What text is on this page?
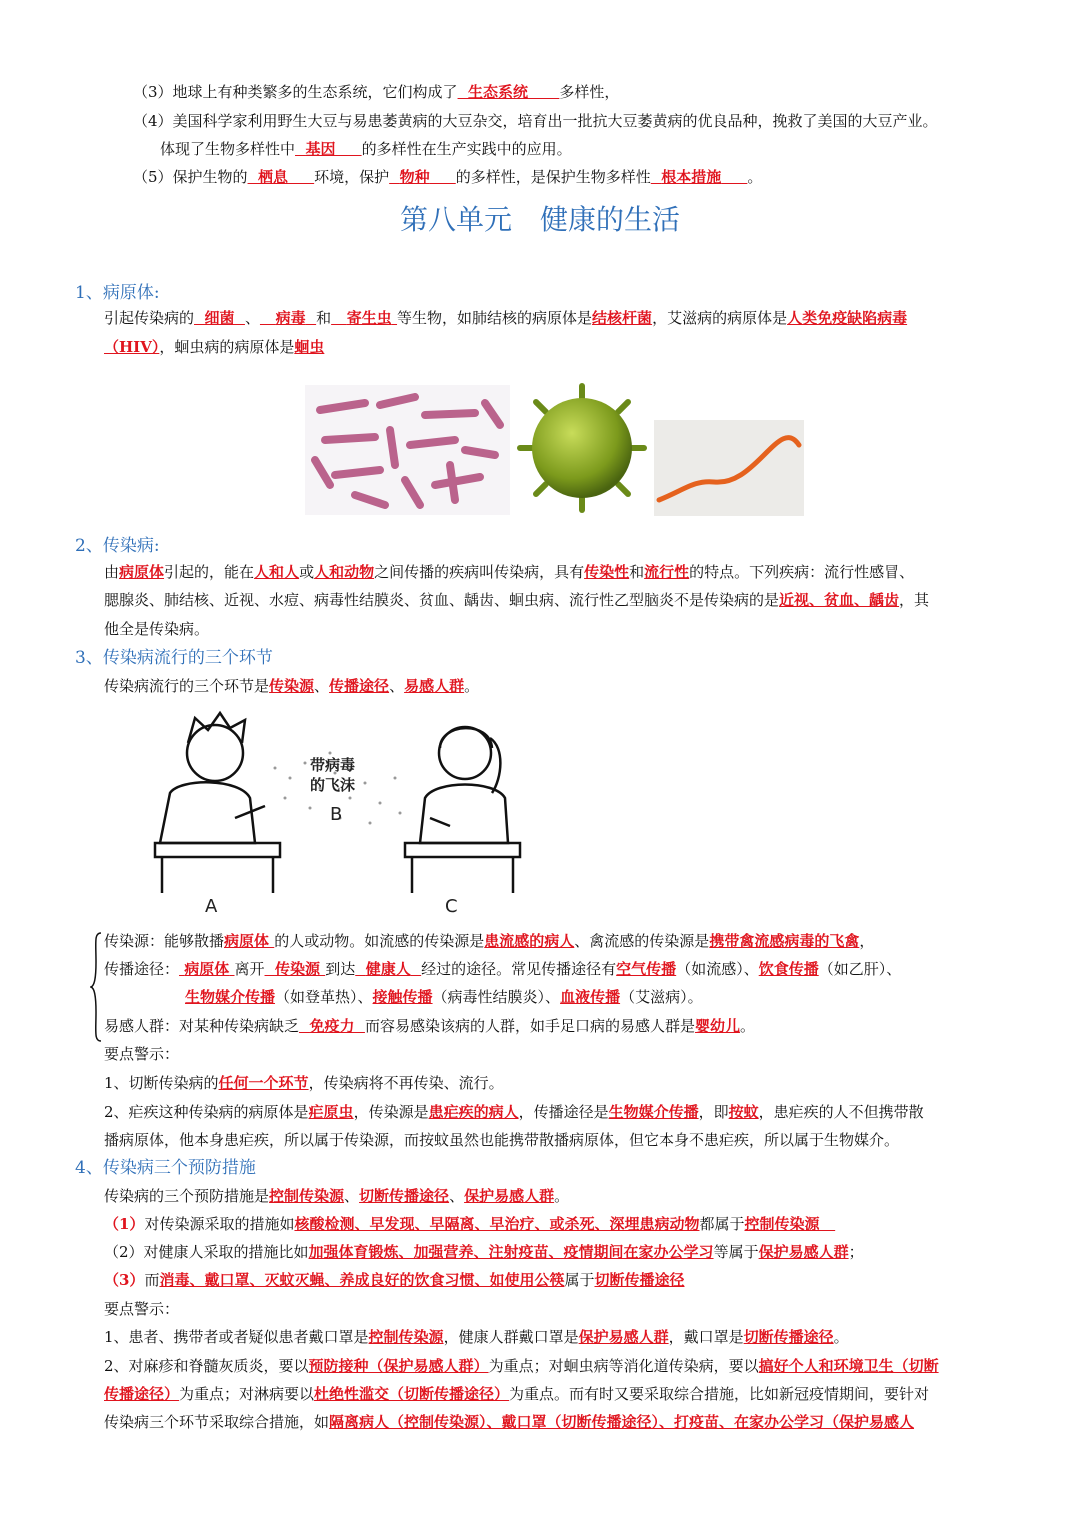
（3）地球上有种类繁多的生态系统，它们构成了 生态系统 多样性，
（4）美国科学家利用野生大豆与易患萎黄病的大豆杂交，培育出一批抗大豆萎黄病的优良品种，挽救了美国的大豆产业。
体现了生物多样性中 基因 的多样性在生产实践中的应用。
（5）保护生物的 栖息 环境，保护 物种 的多样性，是保护生物多样性 根本措施 。
第八单元　健康的生活
1、病原体:
引起传染病的 细菌 、 病毒 和 寄生虫 等生物，如肺结核的病原体是结核杆菌，艾滋病的病原体是人类免疫缺陷病毒
（HIV），蛔虫病的病原体是蛔虫
2、传染病:
由病原体引起的，能在人和人或人和动物之间传播的疾病叫传染病，具有传染性和流行性的特点。下列疾病：流行性感冒、
腮腺炎、肺结核、近视、水痘、病毒性结膜炎、贫血、龋齿、蛔虫病、流行性乙型脑炎不是传染病的是近视、贫血、龋齿，其
他全是传染病。
3、传染病流行的三个环节
传染病流行的三个环节是传染源、传播途径、易感人群。
带病毒
的飞沫
B
A	C
传染源：能够散播病原体 的人或动物。如流感的传染源是患流感的病人、禽流感的传染源是携带禽流感病毒的飞禽，
传播途径： 病原体 离开 传染源 到达 健康人 经过的途径。常见传播途径有空气传播（如流感）、饮食传播（如乙肝）、
生物媒介传播（如登革热）、接触传播（病毒性结膜炎）、血液传播（艾滋病）。
易感人群：对某种传染病缺乏 免疫力 而容易感染该病的人群，如手足口病的易感人群是婴幼儿。
要点警示：
1、切断传染病的任何一个环节，传染病将不再传染、流行。
2、疟疾这种传染病的病原体是疟原虫，传染源是患疟疾的病人，传播途径是生物媒介传播，即按蚊，患疟疾的人不但携带散
播病原体，他本身患疟疾，所以属于传染源，而按蚊虽然也能携带散播病原体，但它本身不患疟疾，所以属于生物媒介。
4、传染病三个预防措施
传染病的三个预防措施是控制传染源、切断传播途径、保护易感人群。
（1）对传染源采取的措施如核酸检测、早发现、早隔离、早治疗、或杀死、深埋患病动物都属于控制传染源
（2）对健康人采取的措施比如加强体育锻炼、加强营养、注射疫苗、疫情期间在家办公学习等属于保护易感人群；
（3）而消毒、戴口罩、灭蚊灭蝇、养成良好的饮食习惯、如使用公筷属于切断传播途径
要点警示：
1、患者、携带者或者疑似患者戴口罩是控制传染源，健康人群戴口罩是保护易感人群，戴口罩是切断传播途径。
2、对麻疹和脊髓灰质炎，要以预防接种（保护易感人群）为重点；对蛔虫病等消化道传染病，要以搞好个人和环境卫生（切断
传播途径）为重点；对淋病要以杜绝性滥交（切断传播途径）为重点。而有时又要采取综合措施，比如新冠疫情期间，要针对
传染病三个环节采取综合措施，如隔离病人（控制传染源）、戴口罩（切断传播途径）、打疫苗、在家办公学习（保护易感人
